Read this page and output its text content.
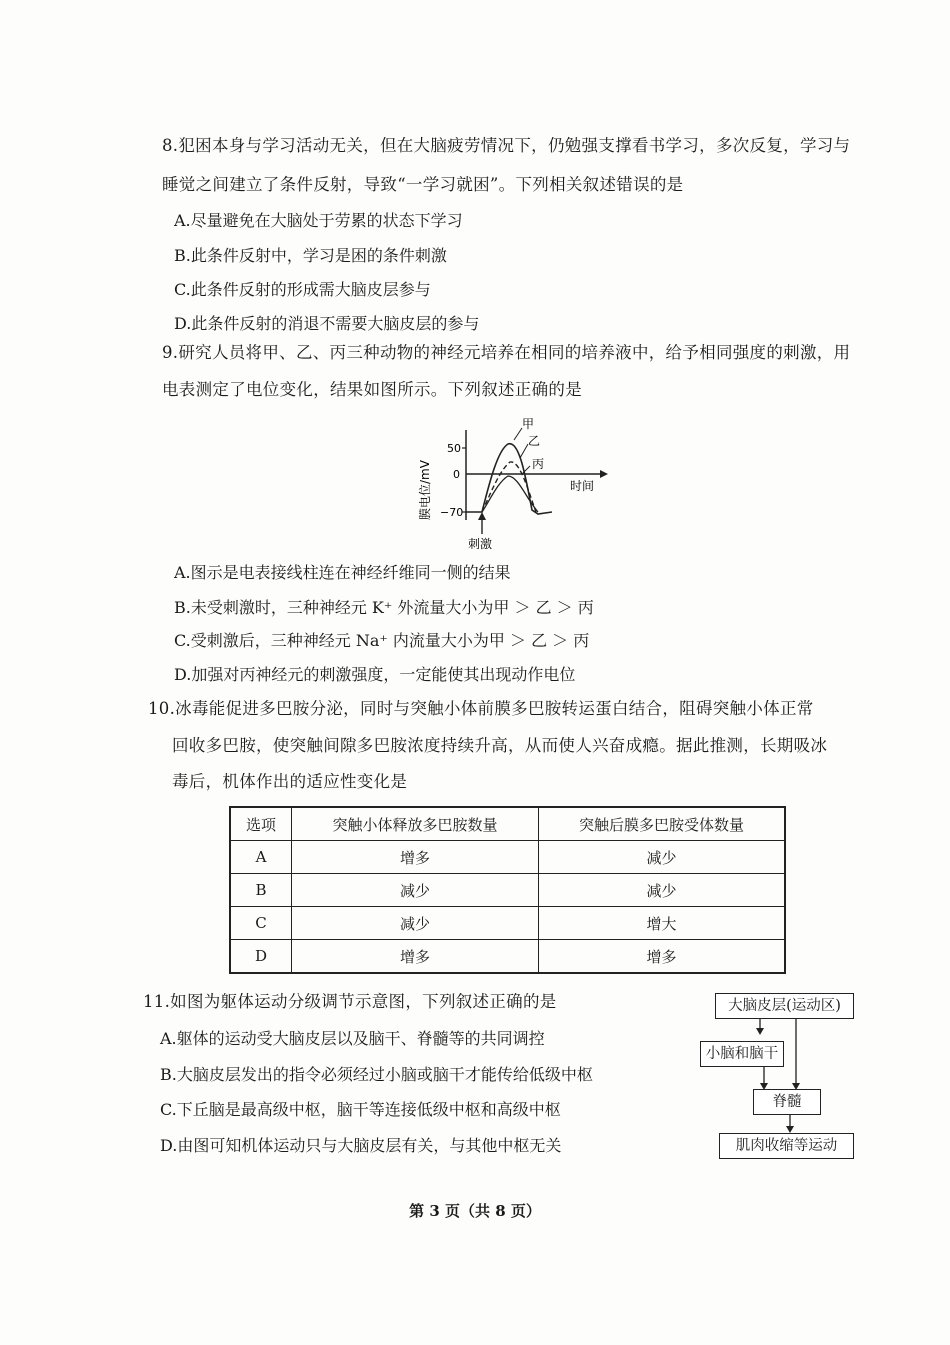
8.犯困本身与学习活动无关，但在大脑疲劳情况下，仍勉强支撑看书学习，多次反复，学习与
睡觉之间建立了条件反射，导致“一学习就困”。下列相关叙述错误的是
A.尽量避免在大脑处于劳累的状态下学习
B.此条件反射中，学习是困的条件刺激
C.此条件反射的形成需大脑皮层参与
D.此条件反射的消退不需要大脑皮层的参与
9.研究人员将甲、乙、丙三种动物的神经元培养在相同的培养液中，给予相同强度的刺激，用
电表测定了电位变化，结果如图所示。下列叙述正确的是
50
0
−70
膜电位/mV	时间
甲
乙
丙
刺激
A.图示是电表接线柱连在神经纤维同一侧的结果
B.未受刺激时，三种神经元 K⁺ 外流量大小为甲 ＞ 乙 ＞ 丙
C.受刺激后，三种神经元 Na⁺ 内流量大小为甲 ＞ 乙 ＞ 丙
D.加强对丙神经元的刺激强度，一定能使其出现动作电位
10.冰毒能促进多巴胺分泌，同时与突触小体前膜多巴胺转运蛋白结合，阻碍突触小体正常
回收多巴胺，使突触间隙多巴胺浓度持续升高，从而使人兴奋成瘾。据此推测，长期吸冰
毒后，机体作出的适应性变化是
选项	突触小体释放多巴胺数量	突触后膜多巴胺受体数量
A	增多	减少
B	减少	减少
C	减少	增大
D	增多	增多
11.如图为躯体运动分级调节示意图，下列叙述正确的是
A.躯体的运动受大脑皮层以及脑干、脊髓等的共同调控
B.大脑皮层发出的指令必须经过小脑或脑干才能传给低级中枢
C.下丘脑是最高级中枢，脑干等连接低级中枢和高级中枢
D.由图可知机体运动只与大脑皮层有关，与其他中枢无关
大脑皮层(运动区)
小脑和脑干
脊髓
肌肉收缩等运动
第 3 页（共 8 页）
